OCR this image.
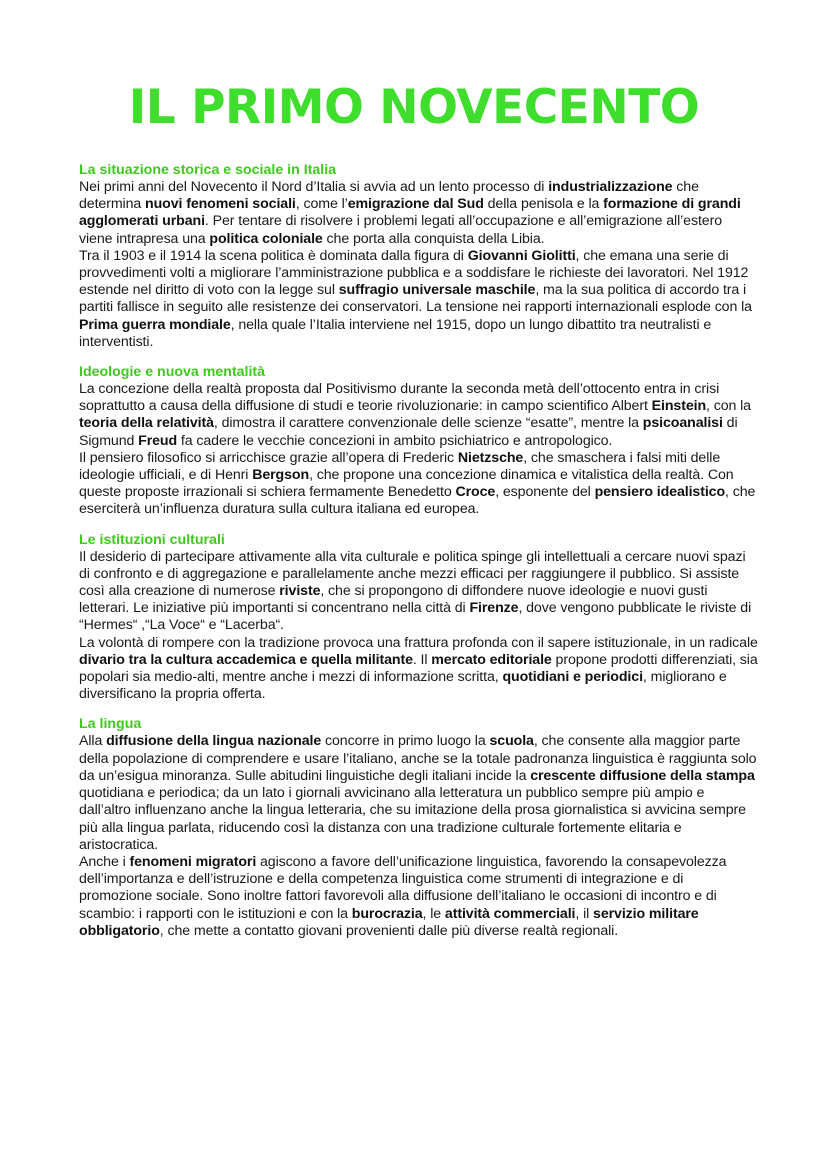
IL PRIMO NOVECENTO
La situazione storica e sociale in Italia

Nei primi anni del Novecento il Nord d’Italia si avvia ad un lento processo di industrializzazione che determina nuovi fenomeni sociali, come l’emigrazione dal Sud della penisola e la formazione di grandi agglomerati urbani. Per tentare di risolvere i problemi legati all’occupazione e all’emigrazione all’estero viene intrapresa una politica coloniale che porta alla conquista della Libia.

Tra il 1903 e il 1914 la scena politica è dominata dalla figura di Giovanni Giolitti, che emana una serie di provvedimenti volti a migliorare l’amministrazione pubblica e a soddisfare le richieste dei lavoratori. Nel 1912 estende nel diritto di voto con la legge sul suffragio universale maschile, ma la sua politica di accordo tra i partiti fallisce in seguito alle resistenze dei conservatori. La tensione nei rapporti internazionali esplode con la Prima guerra mondiale, nella quale l’Italia interviene nel 1915, dopo un lungo dibattito tra neutralisti e interventisti.

Ideologie e nuova mentalità

La concezione della realtà proposta dal Positivismo durante la seconda metà dell’ottocento entra in crisi soprattutto a causa della diffusione di studi e teorie rivoluzionarie: in campo scientifico Albert Einstein, con la teoria della relatività, dimostra il carattere convenzionale delle scienze “esatte”, mentre la psicoanalisi di Sigmund Freud fa cadere le vecchie concezioni in ambito psichiatrico e antropologico.

Il pensiero filosofico si arricchisce grazie all’opera di Frederic Nietzsche, che smaschera i falsi miti delle ideologie ufficiali, e di Henri Bergson, che propone una concezione dinamica e vitalistica della realtà. Con queste proposte irrazionali si schiera fermamente Benedetto Croce, esponente del pensiero idealistico, che eserciterà un’influenza duratura sulla cultura italiana ed europea.

Le istituzioni culturali

Il desiderio di partecipare attivamente alla vita culturale e politica spinge gli intellettuali a cercare nuovi spazi di confronto e di aggregazione e parallelamente anche mezzi efficaci per raggiungere il pubblico. Si assiste così alla creazione di numerose riviste, che si propongono di diffondere nuove ideologie e nuovi gusti letterari. Le iniziative più importanti si concentrano nella città di Firenze, dove vengono pubblicate le riviste di “Hermes“ ,“La Voce“ e “Lacerba“.

La volontà di rompere con la tradizione provoca una frattura profonda con il sapere istituzionale, in un radicale divario tra la cultura accademica e quella militante. Il mercato editoriale propone prodotti differenziati, sia popolari sia medio-alti, mentre anche i mezzi di informazione scritta, quotidiani e periodici, migliorano e diversificano la propria offerta.

La lingua

Alla diffusione della lingua nazionale concorre in primo luogo la scuola, che consente alla maggior parte della popolazione di comprendere e usare l’italiano, anche se la totale padronanza linguistica è raggiunta solo da un’esigua minoranza. Sulle abitudini linguistiche degli italiani incide la crescente diffusione della stampa quotidiana e periodica; da un lato i giornali avvicinano alla letteratura un pubblico sempre più ampio e dall’altro influenzano anche la lingua letteraria, che su imitazione della prosa giornalistica si avvicina sempre più alla lingua parlata, riducendo così la distanza con una tradizione culturale fortemente elitaria e aristocratica.

Anche i fenomeni migratori agiscono a favore dell’unificazione linguistica, favorendo la consapevolezza dell’importanza e dell’istruzione e della competenza linguistica come strumenti di integrazione e di promozione sociale. Sono inoltre fattori favorevoli alla diffusione dell’italiano le occasioni di incontro e di scambio: i rapporti con le istituzioni e con la burocrazia, le attività commerciali, il servizio militare obbligatorio, che mette a contatto giovani provenienti dalle più diverse realtà regionali.
